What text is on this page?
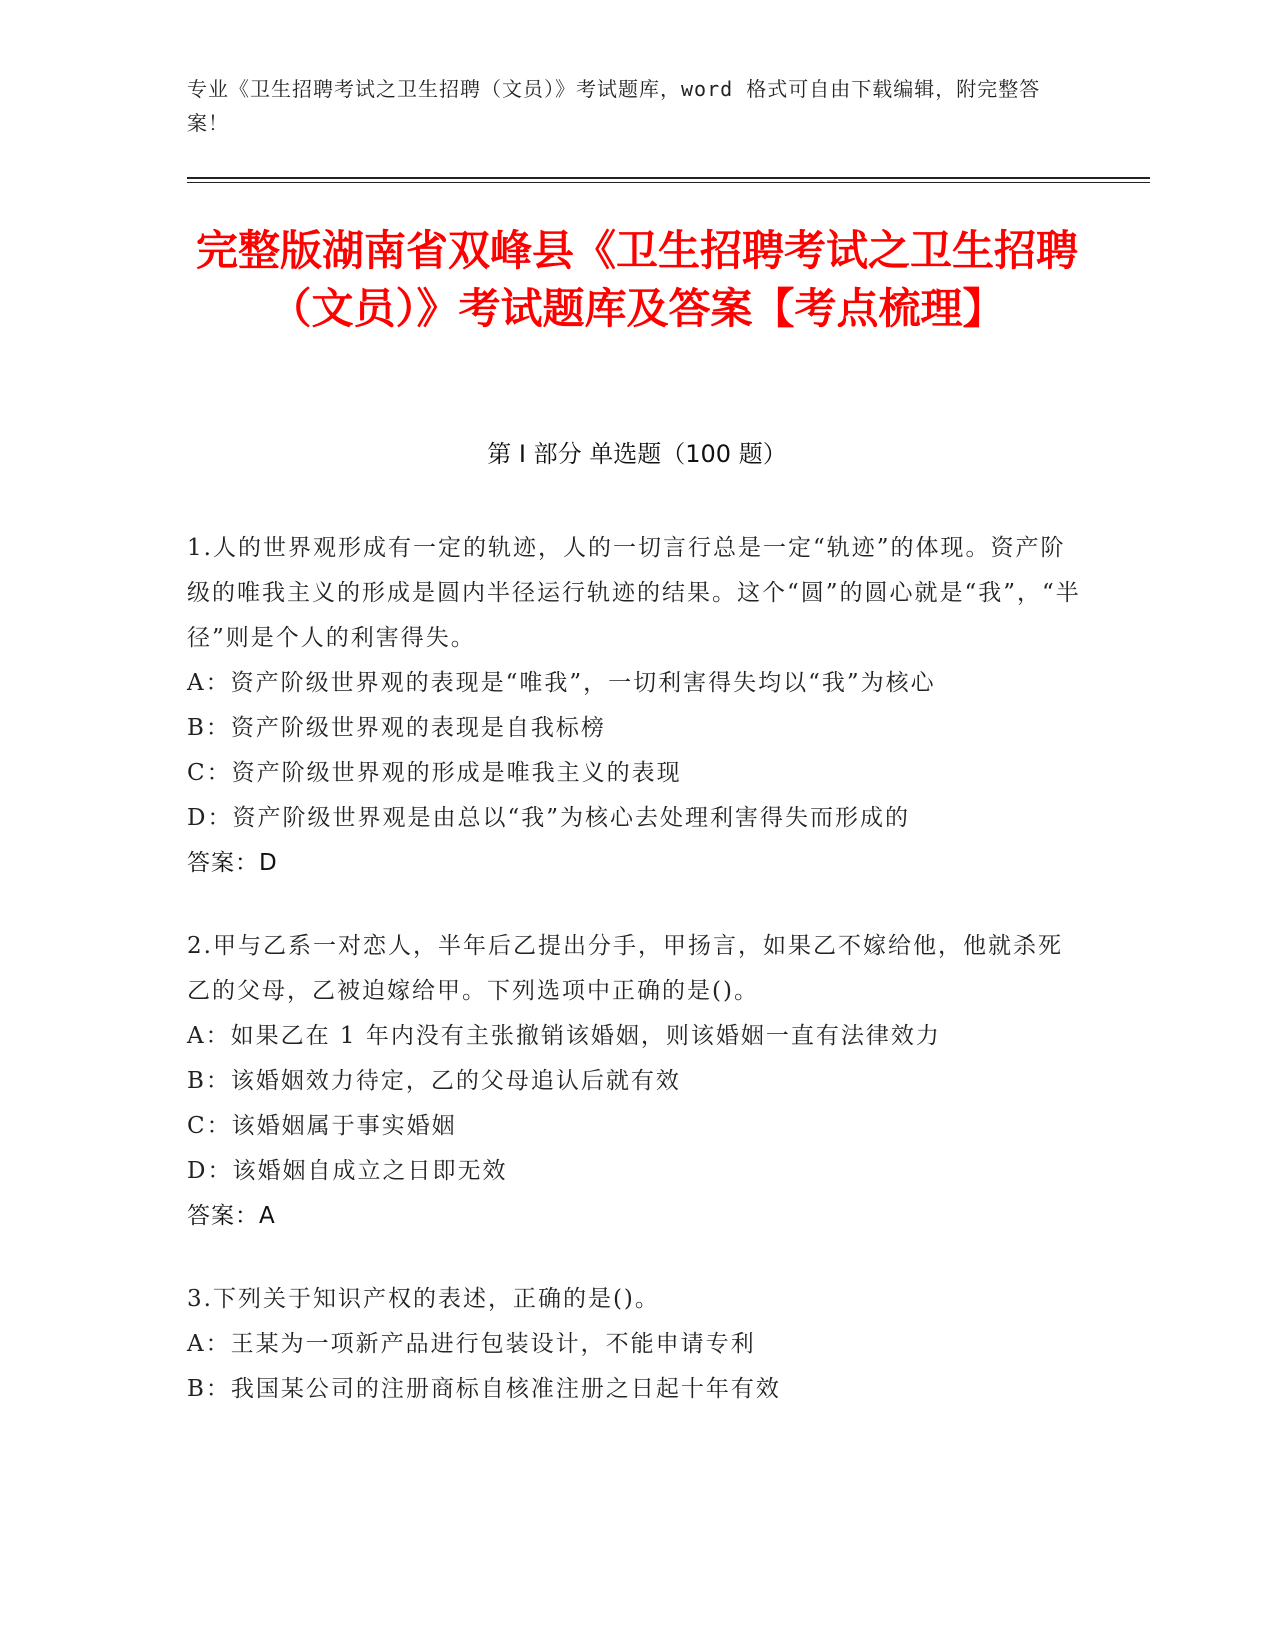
专业《卫生招聘考试之卫生招聘（文员）》考试题库，word 格式可自由下载编辑，附完整答案！
完整版湖南省双峰县《卫生招聘考试之卫生招聘（文员）》考试题库及答案【考点梳理】
第 I 部分 单选题（100 题）
1.人的世界观形成有一定的轨迹，人的一切言行总是一定“轨迹”的体现。资产阶级的唯我主义的形成是圆内半径运行轨迹的结果。这个“圆”的圆心就是“我”，“半径”则是个人的利害得失。
A：资产阶级世界观的表现是“唯我”，一切利害得失均以“我”为核心
B：资产阶级世界观的表现是自我标榜
C：资产阶级世界观的形成是唯我主义的表现
D：资产阶级世界观是由总以“我”为核心去处理利害得失而形成的
答案：D
2.甲与乙系一对恋人，半年后乙提出分手，甲扬言，如果乙不嫁给他，他就杀死乙的父母，乙被迫嫁给甲。下列选项中正确的是()。
A：如果乙在 1 年内没有主张撤销该婚姻，则该婚姻一直有法律效力
B：该婚姻效力待定，乙的父母追认后就有效
C：该婚姻属于事实婚姻
D：该婚姻自成立之日即无效
答案：A
3.下列关于知识产权的表述，正确的是()。
A：王某为一项新产品进行包装设计，不能申请专利
B：我国某公司的注册商标自核准注册之日起十年有效
